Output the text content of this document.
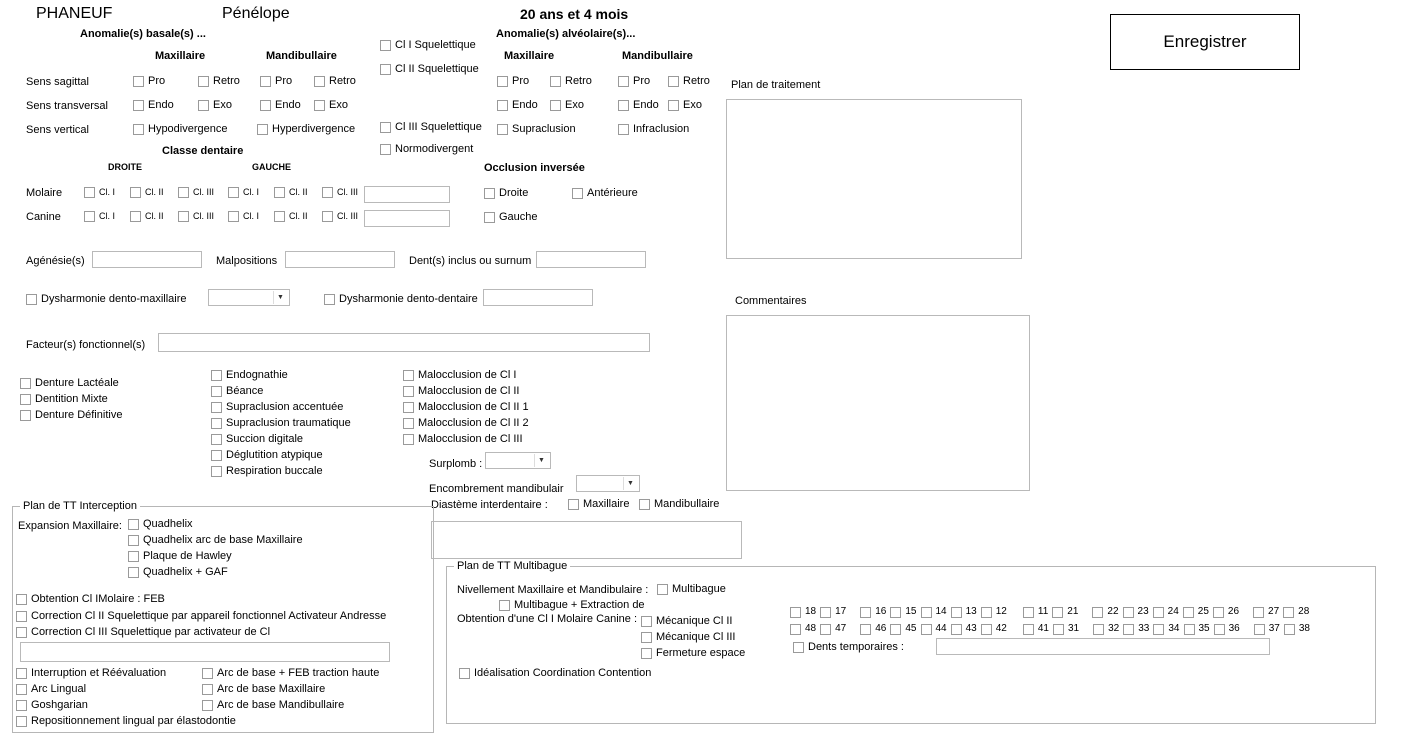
PHANEUF	Pénélope	20 ans et 4 mois
Enregistrer
Anomalie(s) basale(s) ...
Maxillaire	Mandibullaire
Sens sagittal	Pro	Retro	Pro	Retro
Sens transversal	Endo	Exo	Endo	Exo
Sens vertical	Hypodivergence	Hyperdivergence
Cl I Squelettique
Cl II Squelettique
Cl III Squelettique
Normodivergent
Anomalie(s) alvéolaire(s)...
Maxillaire	Mandibullaire
Pro	Retro	Pro	Retro
Endo Exo	Endo Exo
Supraclusion	Infraclusion
Classe dentaire
DROITE	GAUCHE
Molaire	Cl. I	Cl. II	Cl. III	Cl. I	Cl. II	Cl. III
Canine	Cl. I	Cl. II	Cl. III	Cl. I	Cl. II	Cl. III
Occlusion inversée
Droite	Antérieure
Gauche
Agénésie(s)	Malpositions	Dent(s) inclus ou surnum
Dysharmonie dento-maxillaire	▼	Dysharmonie dento-dentaire
Facteur(s) fonctionnel(s)
Denture Lactéale
Dentition Mixte
Denture Définitive
Endognathie
Béance
Supraclusion accentuée
Supraclusion traumatique
Succion digitale
Déglutition atypique
Respiration buccale
Malocclusion de Cl I
Malocclusion de Cl II
Malocclusion de Cl II 1
Malocclusion de Cl II 2
Malocclusion de Cl III
Surplomb :	▼
Encombrement mandibulair	▼
Diastème interdentaire :	Maxillaire Mandibullaire
Plan de traitement
Commentaires
Plan de TT Interception
Expansion Maxillaire: Quadhelix
Quadhelix arc de base Maxillaire
Plaque de Hawley
Quadhelix + GAF
Obtention Cl IMolaire : FEB
Correction Cl II Squelettique par appareil fonctionnel Activateur Andresse
Correction Cl III Squelettique par activateur de Cl
Interruption et Réévaluation
Arc Lingual
Goshgarian
Repositionnement lingual par élastodontie
Arc de base + FEB traction haute
Arc de base Maxillaire
Arc de base Mandibullaire
Plan de TT Multibague
Nivellement Maxillaire et Mandibulaire : Multibague
Multibague + Extraction de
Obtention d'une Cl I Molaire Canine : Mécanique Cl II
Mécanique Cl III
Fermeture espace
Idéalisation Coordination Contention
18 17	16 15 14 13 12	11 21	22 23 24 25 26	27 28
48 47	46 45 44 43 42	41 31	32 33 34 35 36	37 38
Dents temporaires :
